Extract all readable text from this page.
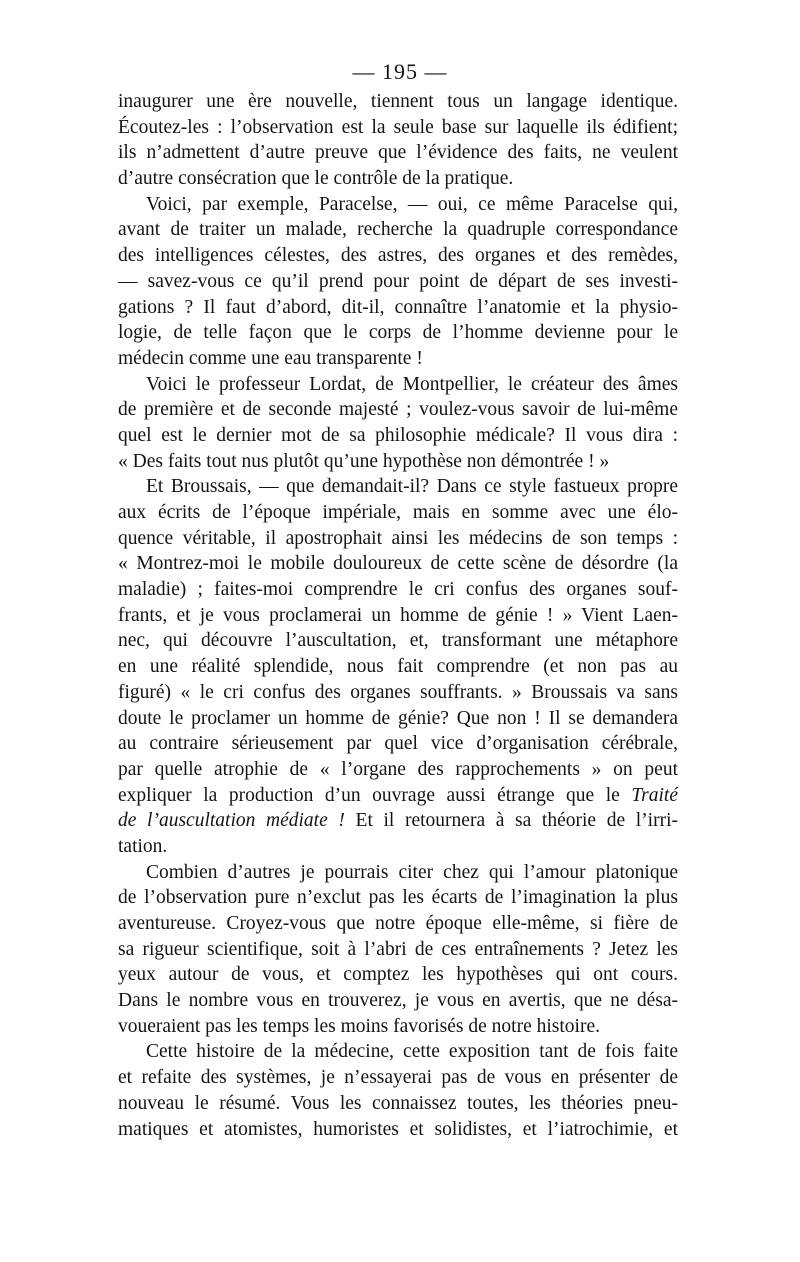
— 195 —
inaugurer une ère nouvelle, tiennent tous un langage identique.
Écoutez-les : l’observation est la seule base sur laquelle ils édifient;
ils n’admettent d’autre preuve que l’évidence des faits, ne veulent
d’autre consécration que le contrôle de la pratique.
Voici, par exemple, Paracelse, — oui, ce même Paracelse qui,
avant de traiter un malade, recherche la quadruple correspondance
des intelligences célestes, des astres, des organes et des remèdes,
— savez-vous ce qu’il prend pour point de départ de ses investi-
gations ? Il faut d’abord, dit-il, connaître l’anatomie et la physio-
logie, de telle façon que le corps de l’homme devienne pour le
médecin comme une eau transparente !
Voici le professeur Lordat, de Montpellier, le créateur des âmes
de première et de seconde majesté ; voulez-vous savoir de lui-même
quel est le dernier mot de sa philosophie médicale? Il vous dira :
« Des faits tout nus plutôt qu’une hypothèse non démontrée ! »
Et Broussais, — que demandait-il? Dans ce style fastueux propre
aux écrits de l’époque impériale, mais en somme avec une élo-
quence véritable, il apostrophait ainsi les médecins de son temps :
« Montrez-moi le mobile douloureux de cette scène de désordre (la
maladie) ; faites-moi comprendre le cri confus des organes souf-
frants, et je vous proclamerai un homme de génie ! » Vient Laen-
nec, qui découvre l’auscultation, et, transformant une métaphore
en une réalité splendide, nous fait comprendre (et non pas au
figuré) « le cri confus des organes souffrants. » Broussais va sans
doute le proclamer un homme de génie? Que non ! Il se demandera
au contraire sérieusement par quel vice d’organisation cérébrale,
par quelle atrophie de « l’organe des rapprochements » on peut
expliquer la production d’un ouvrage aussi étrange que le Traité
de l’auscultation médiate ! Et il retournera à sa théorie de l’irri-
tation.
Combien d’autres je pourrais citer chez qui l’amour platonique
de l’observation pure n’exclut pas les écarts de l’imagination la plus
aventureuse. Croyez-vous que notre époque elle-même, si fière de
sa rigueur scientifique, soit à l’abri de ces entraînements ? Jetez les
yeux autour de vous, et comptez les hypothèses qui ont cours.
Dans le nombre vous en trouverez, je vous en avertis, que ne désa-
voueraient pas les temps les moins favorisés de notre histoire.
Cette histoire de la médecine, cette exposition tant de fois faite
et refaite des systèmes, je n’essayerai pas de vous en présenter de
nouveau le résumé. Vous les connaissez toutes, les théories pneu-
matiques et atomistes, humoristes et solidistes, et l’iatrochimie, et
